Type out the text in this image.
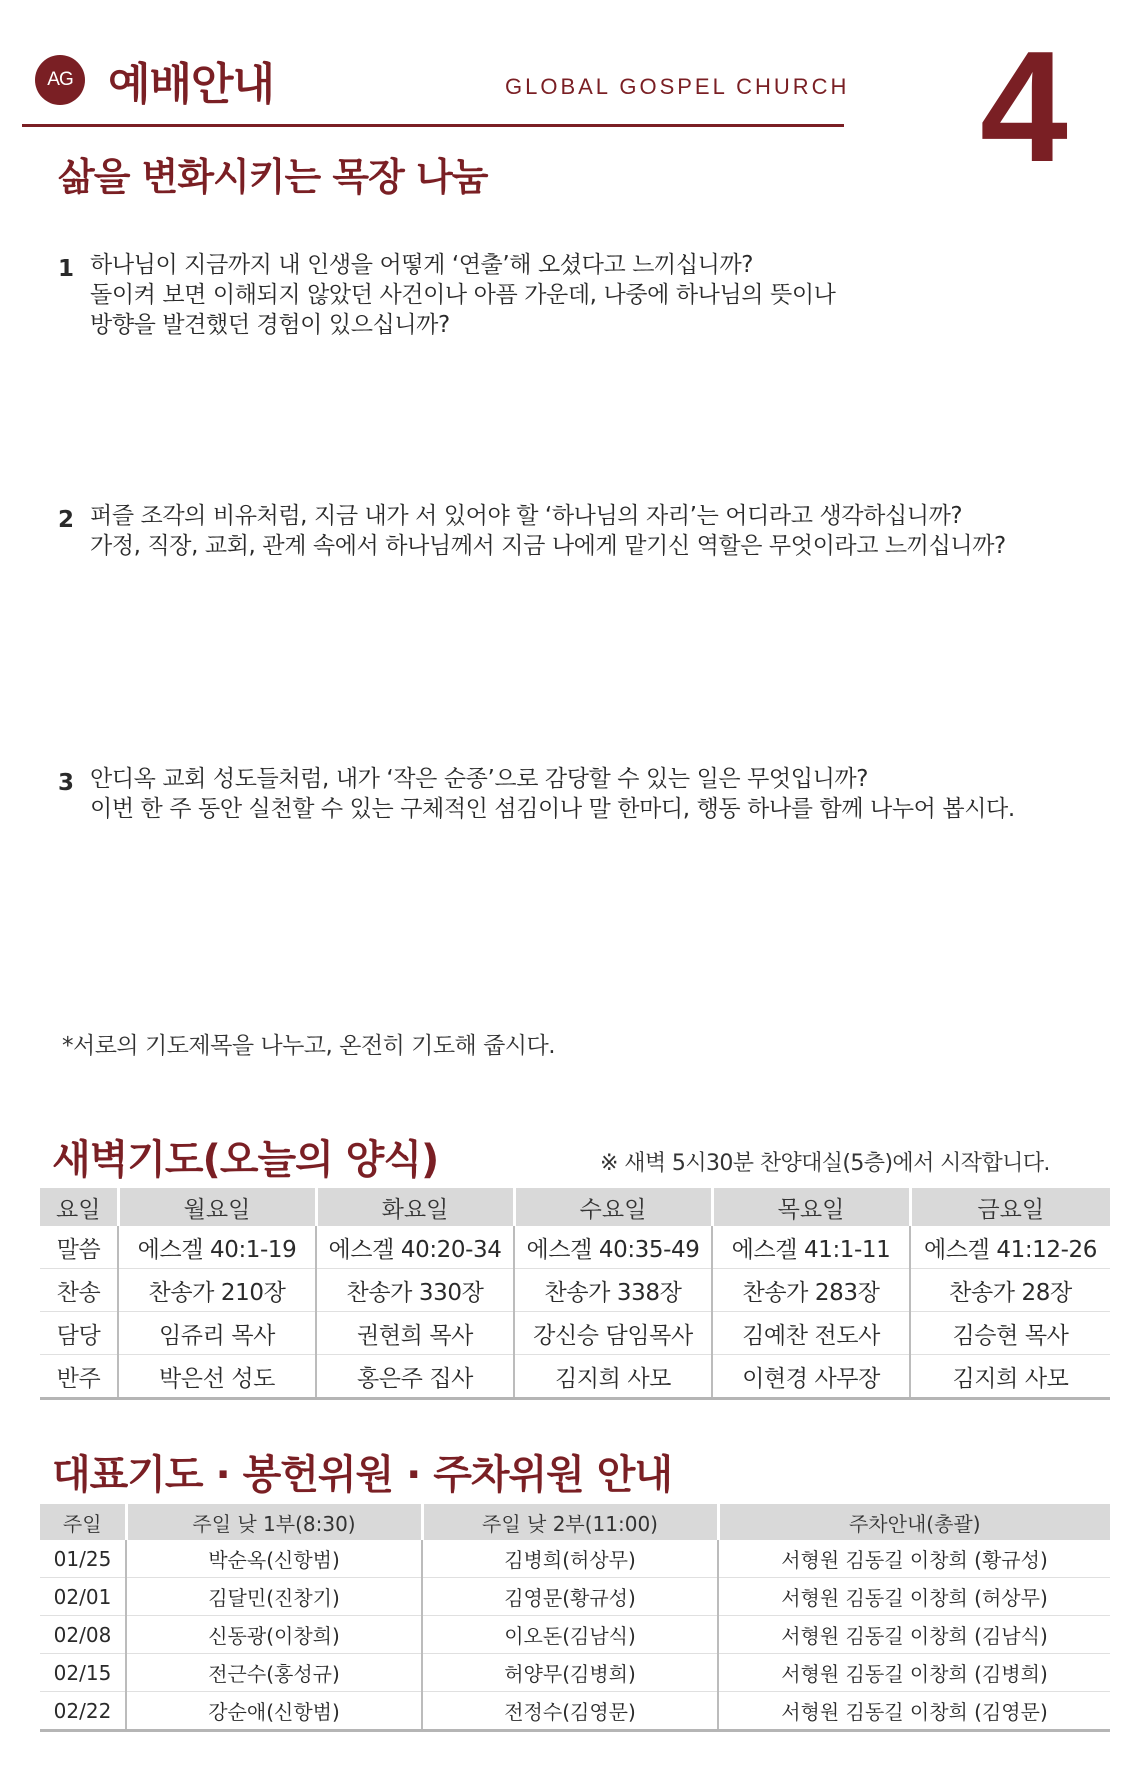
AG 예배안내	GLOBAL GOSPEL CHURCH 4
삶을 변화시키는 목장 나눔
1 하나님이 지금까지 내 인생을 어떻게 ‘연출’해 오셨다고 느끼십니까?
돌이켜 보면 이해되지 않았던 사건이나 아픔 가운데, 나중에 하나님의 뜻이나
방향을 발견했던 경험이 있으십니까?
2 퍼즐 조각의 비유처럼, 지금 내가 서 있어야 할 ‘하나님의 자리’는 어디라고 생각하십니까?
가정, 직장, 교회, 관계 속에서 하나님께서 지금 나에게 맡기신 역할은 무엇이라고 느끼십니까?
3 안디옥 교회 성도들처럼, 내가 ‘작은 순종’으로 감당할 수 있는 일은 무엇입니까?
이번 한 주 동안 실천할 수 있는 구체적인 섬김이나 말 한마디, 행동 하나를 함께 나누어 봅시다.
*서로의 기도제목을 나누고, 온전히 기도해 줍시다.
새벽기도(오늘의 양식)	※ 새벽 5시30분 찬양대실(5층)에서 시작합니다.
요일	월요일	화요일	수요일	목요일	금요일
말씀	에스겔 40:1-19	에스겔 40:20-34	에스겔 40:35-49	에스겔 41:1-11	에스겔 41:12-26
찬송	찬송가 210장	찬송가 330장	찬송가 338장	찬송가 283장	찬송가 28장
담당	임쥬리 목사	권현희 목사	강신승 담임목사	김예찬 전도사	김승현 목사
반주	박은선 성도	홍은주 집사	김지희 사모	이현경 사무장	김지희 사모
대표기도 · 봉헌위원 · 주차위원 안내
주일	주일 낮 1부(8:30)	주일 낮 2부(11:00)	주차안내(총괄)
01/25	박순옥(신항범)	김병희(허상무)	서형원 김동길 이창희 (황규성)
02/01	김달민(진창기)	김영문(황규성)	서형원 김동길 이창희 (허상무)
02/08	신동광(이창희)	이오돈(김남식)	서형원 김동길 이창희 (김남식)
02/15	전근수(홍성규)	허양무(김병희)	서형원 김동길 이창희 (김병희)
02/22	강순애(신항범)	전정수(김영문)	서형원 김동길 이창희 (김영문)
